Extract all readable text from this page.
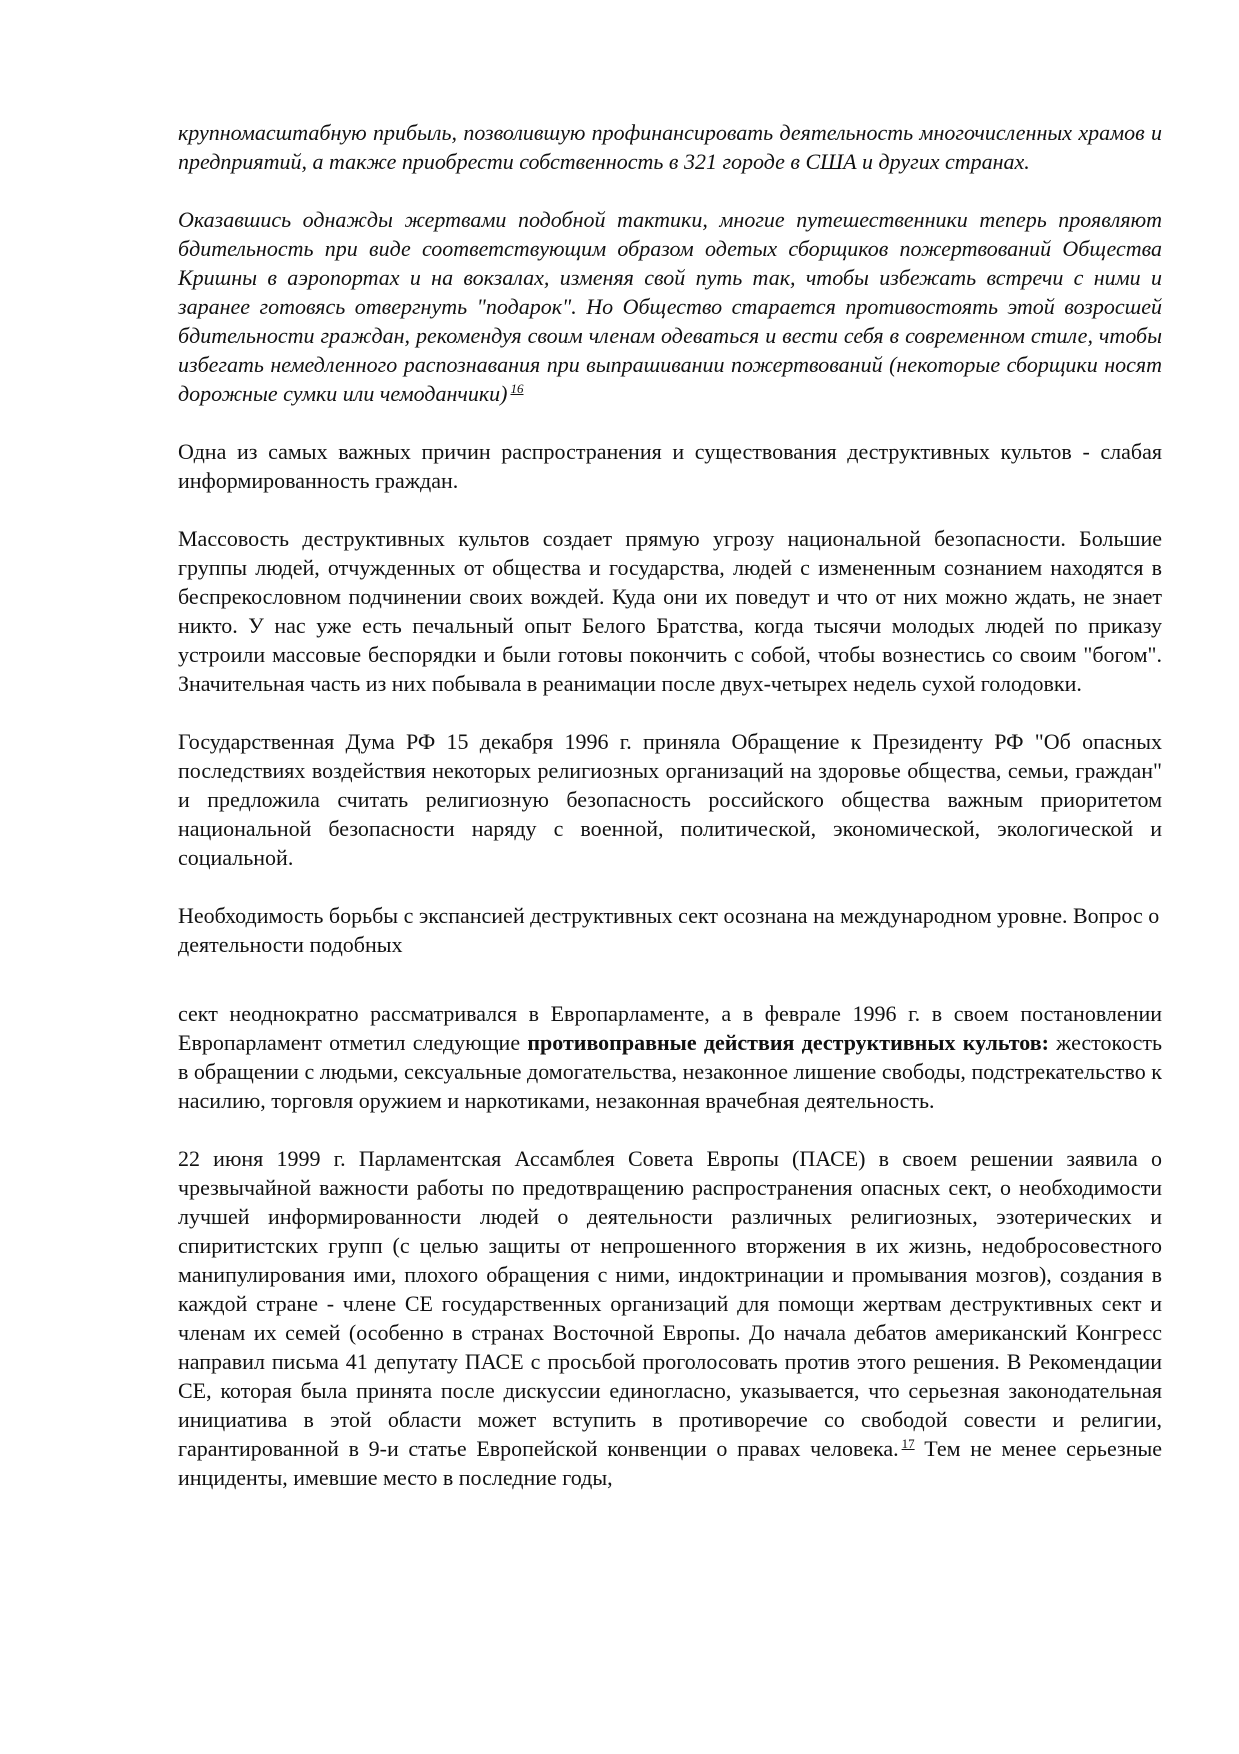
крупномасштабную прибыль, позволившую профинансировать деятельность многочисленных храмов и предприятий, а также приобрести собственность в 321 городе в США и других странах.

Оказавшись однажды жертвами подобной тактики, многие путешественники теперь проявляют бдительность при виде соответствующим образом одетых сборщиков пожертвований Общества Кришны в аэропортах и на вокзалах, изменяя свой путь так, чтобы избежать встречи с ними и заранее готовясь отвергнуть "подарок". Но Общество старается противостоять этой возросшей бдительности граждан, рекомендуя своим членам одеваться и вести себя в современном стиле, чтобы избегать немедленного распознавания при выпрашивании пожертвований (некоторые сборщики носят дорожные сумки или чемоданчики) $^{16}$

Одна из самых важных причин распространения и существования деструктивных культов - слабая информированность граждан.

Массовость деструктивных культов создает прямую угрозу национальной безопасности. Большие группы людей, отчужденных от общества и государства, людей с измененным сознанием находятся в беспрекословном подчинении своих вождей. Куда они их поведут и что от них можно ждать, не знает никто. У нас уже есть печальный опыт Белого Братства, когда тысячи молодых людей по приказу устроили массовые беспорядки и были готовы покончить с собой, чтобы вознестись со своим "богом". Значительная часть из них побывала в реанимации после двух-четырех недель сухой голодовки.

Государственная Дума РФ 15 декабря 1996 г. приняла Обращение к Президенту РФ "Об опасных последствиях воздействия некоторых религиозных организаций на здоровье общества, семьи, граждан" и предложила считать религиозную безопасность российского общества важным приоритетом национальной безопасности наряду с военной, политической, экономической, экологической и социальной.

Необходимость борьбы с экспансией деструктивных сект осознана на международном уровне. Вопрос о деятельности подобных

сект неоднократно рассматривался в Европарламенте, а в феврале 1996 г. в своем постановлении Европарламент отметил следующие противоправные действия деструктивных культов: жестокость в обращении с людьми, сексуальные домогательства, незаконное лишение свободы, подстрекательство к насилию, торговля оружием и наркотиками, незаконная врачебная деятельность.

22 июня 1999 г. Парламентская Ассамблея Совета Европы (ПАСЕ) в своем решении заявила о чрезвычайной важности работы по предотвращению распространения опасных сект, о необходимости лучшей информированности людей о деятельности различных религиозных, эзотерических и спиритистских групп (с целью защиты от непрошенного вторжения в их жизнь, недобросовестного манипулирования ими, плохого обращения с ними, индоктринации и промывания мозгов), создания в каждой стране - члене СЕ государственных организаций для помощи жертвам деструктивных сект и членам их семей (особенно в странах Восточной Европы. До начала дебатов американский Конгресс направил письма 41 депутату ПАСЕ с просьбой проголосовать против этого решения. В Рекомендации СЕ, которая была принята после дискуссии единогласно, указывается, что серьезная законодательная инициатива в этой области может вступить в противоречие со свободой совести и религии, гарантированной в 9-и статье Европейской конвенции о правах человека. $^{17}$ Тем не менее серьезные инциденты, имевшие место в последние годы,
